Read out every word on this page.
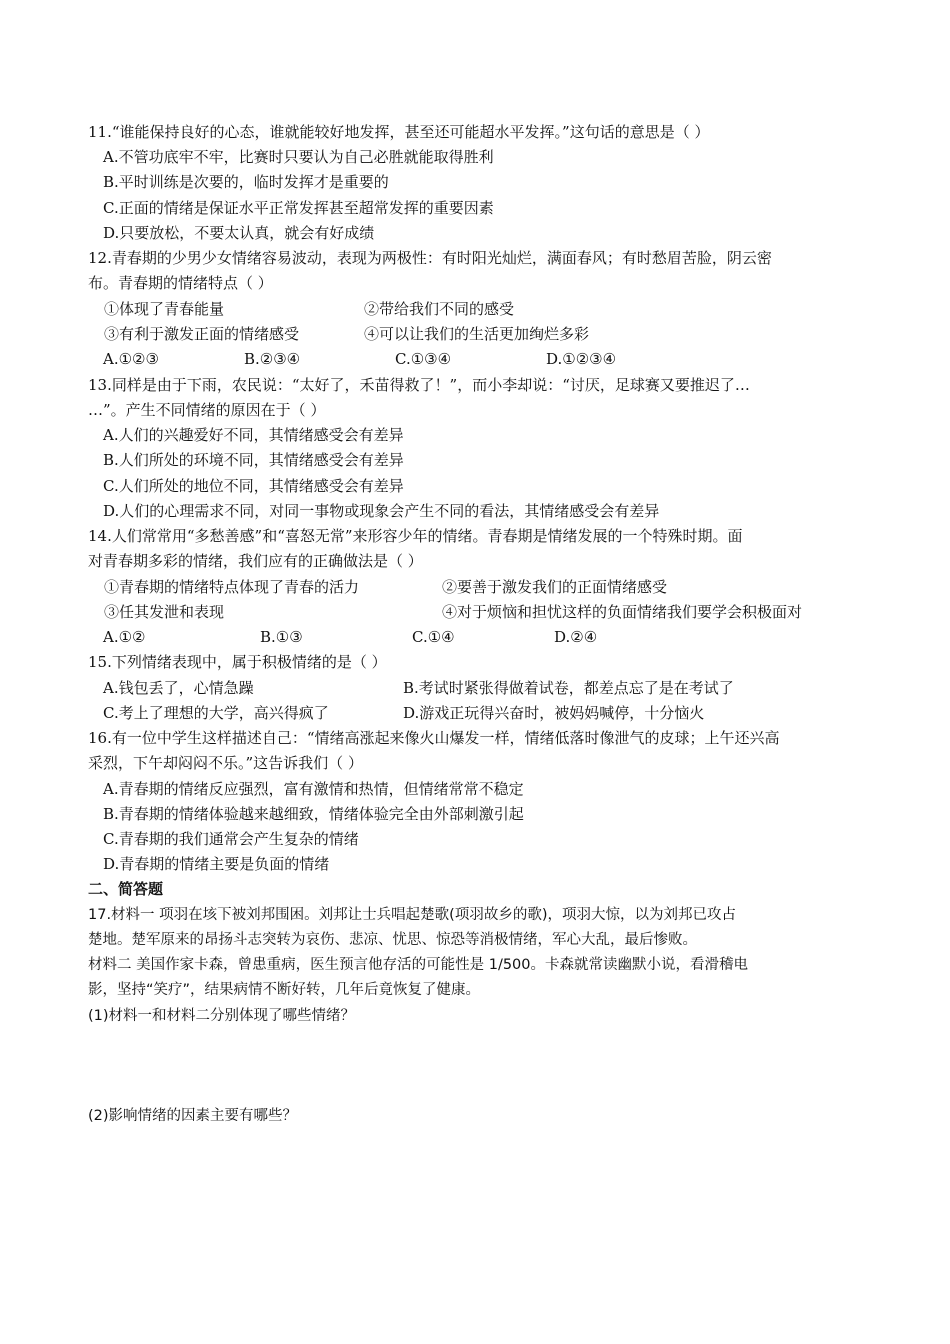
11.“谁能保持良好的心态，谁就能较好地发挥，甚至还可能超水平发挥。”这句话的意思是（ ）
A.不管功底牢不牢，比赛时只要认为自己必胜就能取得胜利
B.平时训练是次要的，临时发挥才是重要的
C.正面的情绪是保证水平正常发挥甚至超常发挥的重要因素
D.只要放松，不要太认真，就会有好成绩
12.青春期的少男少女情绪容易波动，表现为两极性：有时阳光灿烂，满面春风；有时愁眉苦脸，阴云密
布。青春期的情绪特点（ ）
①体现了青春能量	②带给我们不同的感受
③有利于激发正面的情绪感受	④可以让我们的生活更加绚烂多彩
A.①②③	B.②③④	C.①③④	D.①②③④
13.同样是由于下雨，农民说：“太好了，禾苗得救了！”，而小李却说：“讨厌，足球赛又要推迟了…
…”。产生不同情绪的原因在于（ ）
A.人们的兴趣爱好不同，其情绪感受会有差异
B.人们所处的环境不同，其情绪感受会有差异
C.人们所处的地位不同，其情绪感受会有差异
D.人们的心理需求不同，对同一事物或现象会产生不同的看法，其情绪感受会有差异
14.人们常常用“多愁善感”和“喜怒无常”来形容少年的情绪。青春期是情绪发展的一个特殊时期。面
对青春期多彩的情绪，我们应有的正确做法是（ ）
①青春期的情绪特点体现了青春的活力	②要善于激发我们的正面情绪感受
③任其发泄和表现	④对于烦恼和担忧这样的负面情绪我们要学会积极面对
A.①②	B.①③	C.①④	D.②④
15.下列情绪表现中，属于积极情绪的是（ ）
A.钱包丢了，心情急躁	B.考试时紧张得做着试卷，都差点忘了是在考试了
C.考上了理想的大学，高兴得疯了	D.游戏正玩得兴奋时，被妈妈喊停，十分恼火
16.有一位中学生这样描述自己：“情绪高涨起来像火山爆发一样，情绪低落时像泄气的皮球；上午还兴高
采烈，下午却闷闷不乐。”这告诉我们（ ）
A.青春期的情绪反应强烈，富有激情和热情，但情绪常常不稳定
B.青春期的情绪体验越来越细致，情绪体验完全由外部刺激引起
C.青春期的我们通常会产生复杂的情绪
D.青春期的情绪主要是负面的情绪
二、简答题
17.材料一 项羽在垓下被刘邦围困。刘邦让士兵唱起楚歌(项羽故乡的歌)，项羽大惊，以为刘邦已攻占
楚地。楚军原来的昂扬斗志突转为哀伤、悲凉、忧思、惊恐等消极情绪，军心大乱，最后惨败。
材料二 美国作家卡森，曾患重病，医生预言他存活的可能性是 1/500。卡森就常读幽默小说，看滑稽电
影，坚持“笑疗”，结果病情不断好转，几年后竟恢复了健康。
(1)材料一和材料二分别体现了哪些情绪？
(2)影响情绪的因素主要有哪些？
